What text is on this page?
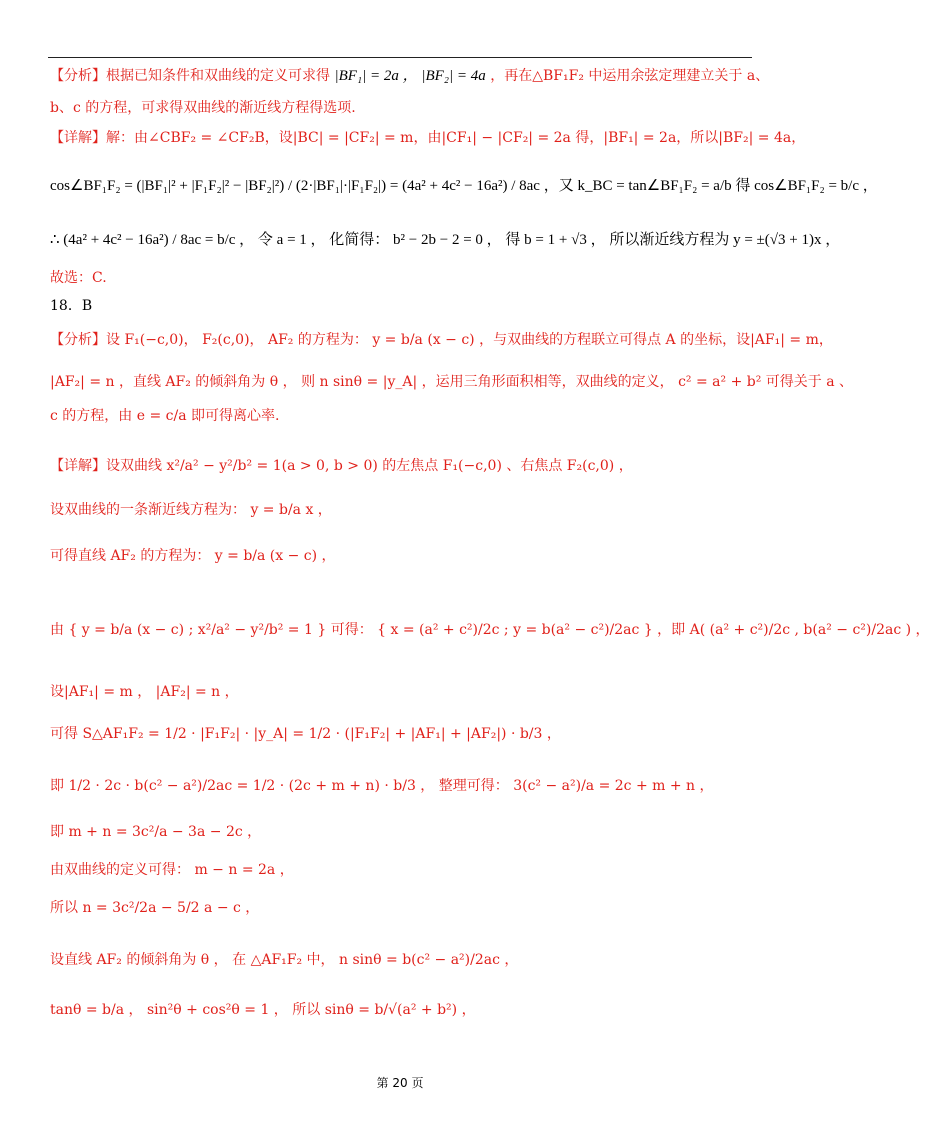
【分析】根据已知条件和双曲线的定义可求得 |BF₁| = 2a ， |BF₂| = 4a ，再在△BF₁F₂ 中运用余弦定理建立关于 a、
b、c 的方程，可求得双曲线的渐近线方程得选项.
【详解】解：由∠CBF₂ = ∠CF₂B，设|BC| = |CF₂| = m，由|CF₁| − |CF₂| = 2a 得，|BF₁| = 2a，所以|BF₂| = 4a，
cos∠BF₁F₂ = (|BF₁|² + |F₁F₂|² − |BF₂|²) / (2·|BF₁|·|F₁F₂|) = (4a² + 4c² − 16a²) / 8ac ，又 k_BC = tan∠BF₁F₂ = a/b 得 cos∠BF₁F₂ = b/c ，
∴ (4a² + 4c² − 16a²) / 8ac = b/c ， 令 a = 1 ， 化简得： b² − 2b − 2 = 0 ， 得 b = 1 + √3 ， 所以渐近线方程为 y = ±(√3 + 1)x ，
故选：C.
18．B
【分析】设 F₁(−c,0)， F₂(c,0)， AF₂ 的方程为： y = b/a (x − c) ，与双曲线的方程联立可得点 A 的坐标，设|AF₁| = m，
|AF₂| = n ，直线 AF₂ 的倾斜角为 θ ， 则 n sinθ = |y_A| ，运用三角形面积相等，双曲线的定义， c² = a² + b² 可得关于 a 、
c 的方程，由 e = c/a 即可得离心率.
【详解】设双曲线 x²/a² − y²/b² = 1(a > 0, b > 0) 的左焦点 F₁(−c,0) 、右焦点 F₂(c,0) ，
设双曲线的一条渐近线方程为： y = b/a x ，
可得直线 AF₂ 的方程为： y = b/a (x − c) ，
由 { y = b/a (x − c) ; x²/a² − y²/b² = 1 } 可得： { x = (a² + c²)/2c ; y = b(a² − c²)/2ac } ，即 A( (a² + c²)/2c , b(a² − c²)/2ac ) ，
设|AF₁| = m ， |AF₂| = n ，
可得 S△AF₁F₂ = 1/2 · |F₁F₂| · |y_A| = 1/2 · (|F₁F₂| + |AF₁| + |AF₂|) · b/3 ，
即 1/2 · 2c · b(c² − a²)/2ac = 1/2 · (2c + m + n) · b/3 ， 整理可得： 3(c² − a²)/a = 2c + m + n ，
即 m + n = 3c²/a − 3a − 2c ，
由双曲线的定义可得： m − n = 2a ，
所以 n = 3c²/2a − 5/2 a − c ，
设直线 AF₂ 的倾斜角为 θ ， 在 △AF₁F₂ 中， n sinθ = b(c² − a²)/2ac ，
tanθ = b/a ， sin²θ + cos²θ = 1 ， 所以 sinθ = b/√(a² + b²) ，
第 20 页
